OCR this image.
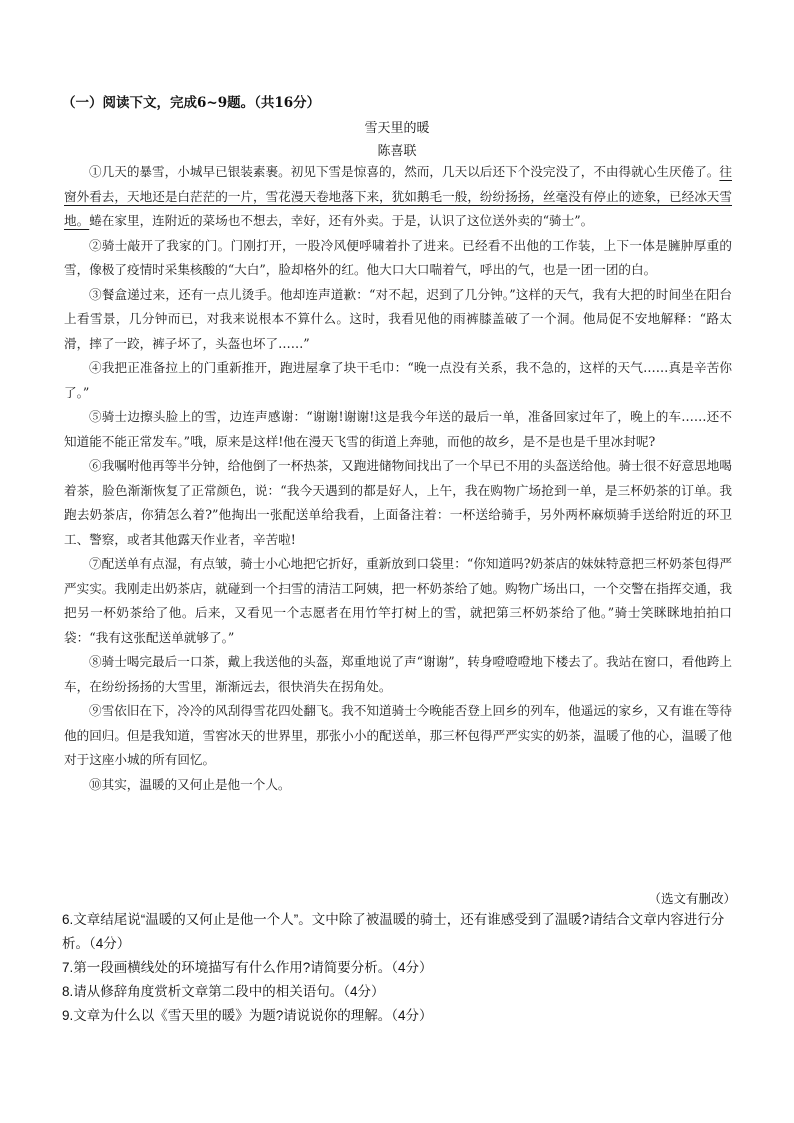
（一）阅读下文，完成6~9题。（共16分）
雪天里的暖
陈喜联

①几天的暴雪，小城早已银装素裹。初见下雪是惊喜的，然而，几天以后还下个没完没了，不由得就心生厌倦了。往窗外看去，天地还是白茫茫的一片，雪花漫天卷地落下来，犹如鹅毛一般，纷纷扬扬，丝毫没有停止的迹象，已经冰天雪地。蜷在家里，连附近的菜场也不想去，幸好，还有外卖。于是，认识了这位送外卖的“骑士”。

②骑士敲开了我家的门。门刚打开，一股冷风便呼啸着扑了进来。已经看不出他的工作装，上下一体是臃肿厚重的雪，像极了疫情时采集核酸的“大白”，脸却格外的红。他大口大口喘着气，呼出的气，也是一团一团的白。

③餐盒递过来，还有一点儿烫手。他却连声道歉：“对不起，迟到了几分钟。”这样的天气，我有大把的时间坐在阳台上看雪景，几分钟而已，对我来说根本不算什么。这时，我看见他的雨裤膝盖破了一个洞。他局促不安地解释：“路太滑，摔了一跤，裤子坏了，头盔也坏了……”

④我把正准备拉上的门重新推开，跑进屋拿了块干毛巾：“晚一点没有关系，我不急的，这样的天气……真是辛苦你了。”

⑤骑士边擦头脸上的雪，边连声感谢：“谢谢!谢谢!这是我今年送的最后一单，准备回家过年了，晚上的车……还不知道能不能正常发车。”哦，原来是这样!他在漫天飞雪的街道上奔驰，而他的故乡，是不是也是千里冰封呢?

⑥我嘱咐他再等半分钟，给他倒了一杯热茶，又跑进储物间找出了一个早已不用的头盔送给他。骑士很不好意思地喝着茶，脸色渐渐恢复了正常颜色，说：“我今天遇到的都是好人，上午，我在购物广场抢到一单，是三杯奶茶的订单。我跑去奶茶店，你猜怎么着?”他掏出一张配送单给我看，上面备注着：一杯送给骑手，另外两杯麻烦骑手送给附近的环卫工、警察，或者其他露天作业者，辛苦啦!

⑦配送单有点湿，有点皱，骑士小心地把它折好，重新放到口袋里：“你知道吗?奶茶店的妹妹特意把三杯奶茶包得严严实实。我刚走出奶茶店，就碰到一个扫雪的清洁工阿姨，把一杯奶茶给了她。购物广场出口，一个交警在指挥交通，我把另一杯奶茶给了他。后来，又看见一个志愿者在用竹竿打树上的雪，就把第三杯奶茶给了他。”骑士笑眯眯地拍拍口袋：“我有这张配送单就够了。”

⑧骑士喝完最后一口茶，戴上我送他的头盔，郑重地说了声“谢谢”，转身噔噔噔地下楼去了。我站在窗口，看他跨上车，在纷纷扬扬的大雪里，渐渐远去，很快消失在拐角处。

⑨雪依旧在下，冷冷的风刮得雪花四处翻飞。我不知道骑士今晚能否登上回乡的列车，他遥远的家乡，又有谁在等待他的回归。但是我知道，雪窖冰天的世界里，那张小小的配送单，那三杯包得严严实实的奶茶，温暖了他的心，温暖了他对于这座小城的所有回忆。

⑩其实，温暖的又何止是他一个人。

（选文有删改）
6.文章结尾说“温暖的又何止是他一个人”。文中除了被温暖的骑士，还有谁感受到了温暖?请结合文章内容进行分析。（4分）
7.第一段画横线处的环境描写有什么作用?请简要分析。（4分）
8.请从修辞角度赏析文章第二段中的相关语句。（4分）
9.文章为什么以《雪天里的暖》为题?请说说你的理解。（4分）
